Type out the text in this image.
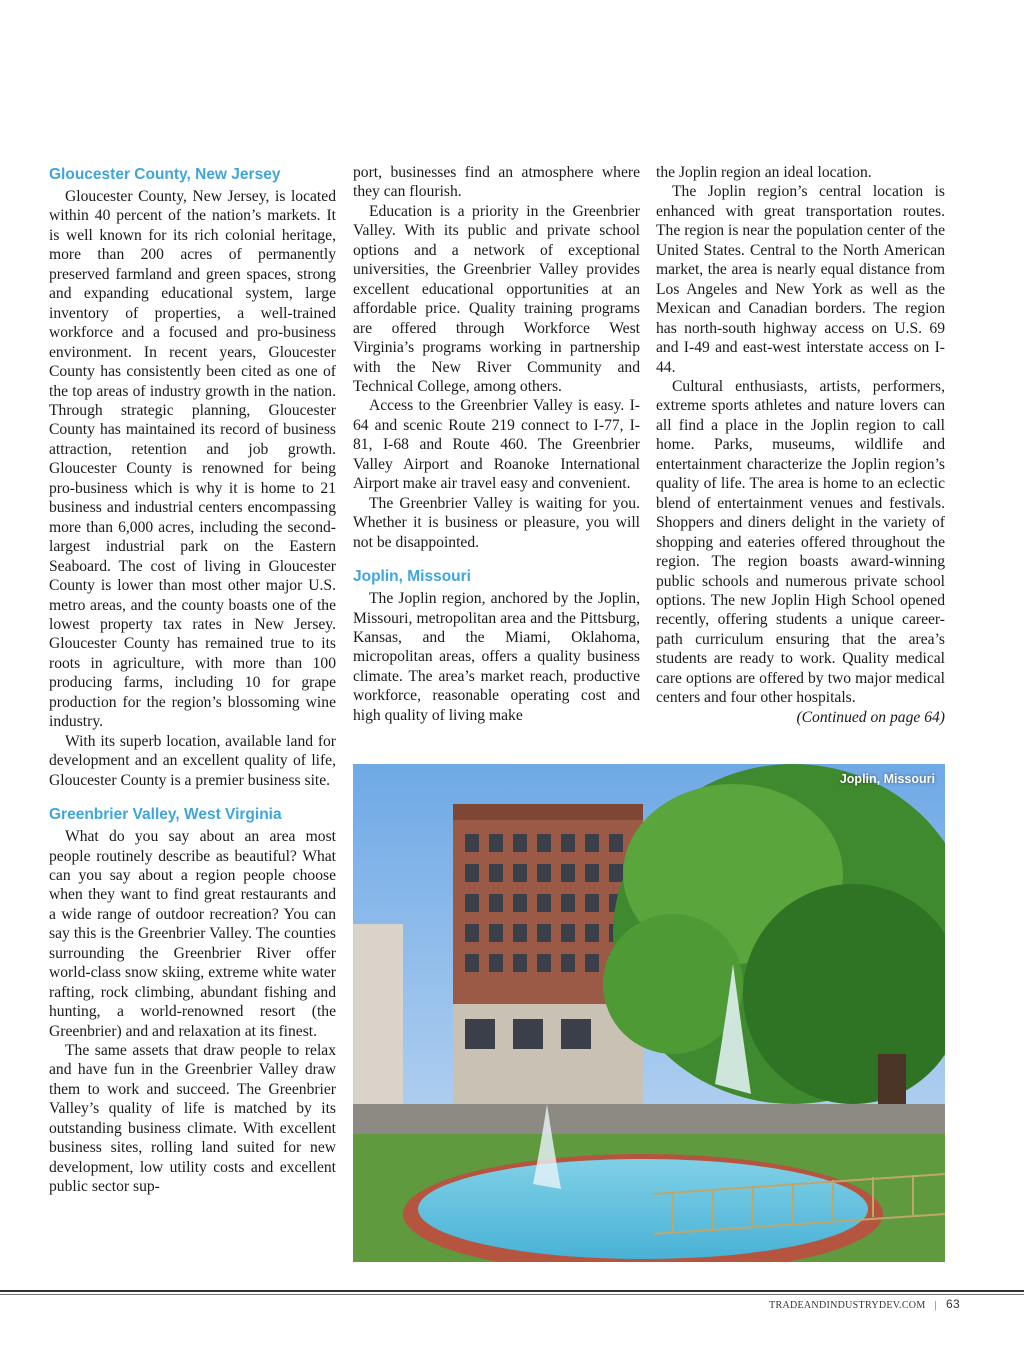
Gloucester County, New Jersey

Gloucester County, New Jersey, is located within 40 percent of the nation’s markets. It is well known for its rich colonial heritage, more than 200 acres of permanently preserved farmland and green spaces, strong and expanding educational system, large inventory of properties, a well-trained workforce and a focused and pro-business environment. In recent years, Gloucester County has consistently been cited as one of the top areas of industry growth in the nation. Through strategic planning, Gloucester County has maintained its record of business attraction, retention and job growth. Gloucester County is renowned for being pro-business which is why it is home to 21 business and industrial centers encompassing more than 6,000 acres, including the second-largest industrial park on the Eastern Seaboard. The cost of living in Gloucester County is lower than most other major U.S. metro areas, and the county boasts one of the lowest property tax rates in New Jersey. Gloucester County has remained true to its roots in agriculture, with more than 100 producing farms, including 10 for grape production for the region’s blossoming wine industry.

With its superb location, available land for development and an excellent quality of life, Gloucester County is a premier business site.

Greenbrier Valley, West Virginia

What do you say about an area most people routinely describe as beautiful? What can you say about a region people choose when they want to find great restaurants and a wide range of outdoor recreation? You can say this is the Greenbrier Valley. The counties surrounding the Greenbrier River offer world-class snow skiing, extreme white water rafting, rock climbing, abundant fishing and hunting, a world-renowned resort (the Greenbrier) and and relaxation at its finest.

The same assets that draw people to relax and have fun in the Greenbrier Valley draw them to work and succeed. The Greenbrier Valley’s quality of life is matched by its outstanding business climate. With excellent business sites, rolling land suited for new development, low utility costs and excellent public sector sup-

port, businesses find an atmosphere where they can flourish.

Education is a priority in the Greenbrier Valley. With its public and private school options and a network of exceptional universities, the Greenbrier Valley provides excellent educational opportunities at an affordable price. Quality training programs are offered through Workforce West Virginia’s programs working in partnership with the New River Community and Technical College, among others.

Access to the Greenbrier Valley is easy. I-64 and scenic Route 219 connect to I-77, I-81, I-68 and Route 460. The Greenbrier Valley Airport and Roanoke International Airport make air travel easy and convenient.

The Greenbrier Valley is waiting for you. Whether it is business or pleasure, you will not be disappointed.

Joplin, Missouri

The Joplin region, anchored by the Joplin, Missouri, metropolitan area and the Pittsburg, Kansas, and the Miami, Oklahoma, micropolitan areas, offers a quality business climate. The area’s market reach, productive workforce, reasonable operating cost and high quality of living make

the Joplin region an ideal location.

The Joplin region’s central location is enhanced with great transportation routes. The region is near the population center of the United States. Central to the North American market, the area is nearly equal distance from Los Angeles and New York as well as the Mexican and Canadian borders. The region has north-south highway access on U.S. 69 and I-49 and east-west interstate access on I-44.

Cultural enthusiasts, artists, performers, extreme sports athletes and nature lovers can all find a place in the Joplin region to call home. Parks, museums, wildlife and entertainment characterize the Joplin region’s quality of life. The area is home to an eclectic blend of entertainment venues and festivals. Shoppers and diners delight in the variety of shopping and eateries offered throughout the region. The region boasts award-winning public schools and numerous private school options. The new Joplin High School opened recently, offering students a unique career-path curriculum ensuring that the area’s students are ready to work. Quality medical care options are offered by two major medical centers and four other hospitals.

(Continued on page 64)

Joplin, Missouri
TRADEANDINDUSTRYDEV.COM | 63
